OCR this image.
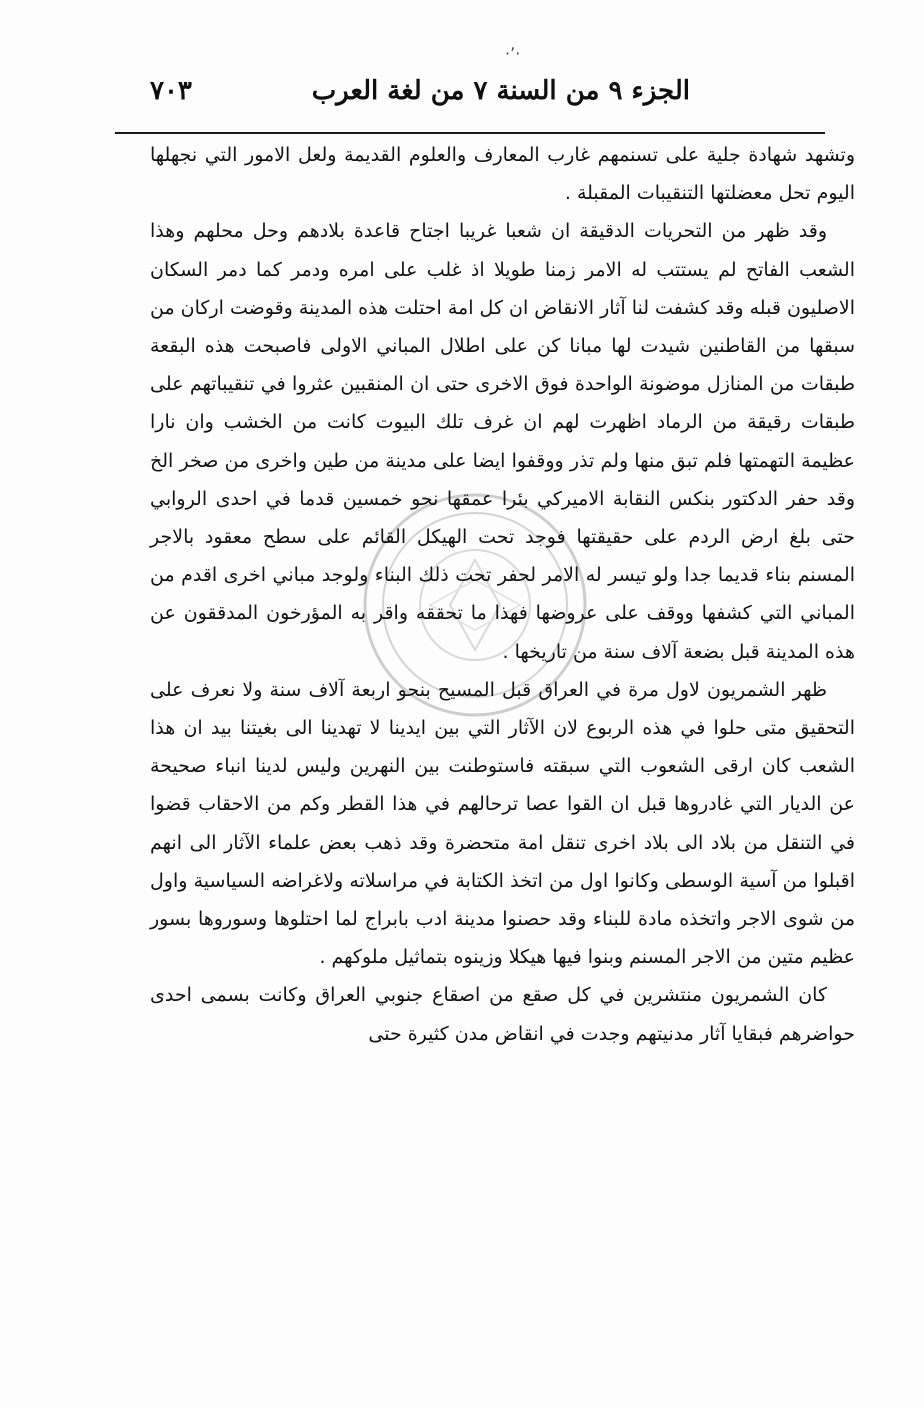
·٬·
الجزء ٩ من السنة ٧ من لغة العرب
٧٠٣

وتشهد شهادة جلية على تسنمهم غارب المعارف والعلوم القديمة ولعل الامور التي نجهلها اليوم تحل معضلتها التنقيبات المقبلة .

وقد ظهر من التحريات الدقيقة ان شعبا غريبا اجتاح قاعدة بلادهم وحل محلهم وهذا الشعب الفاتح لم يستتب له الامر زمنا طويلا اذ غلب على امره ودمر كما دمر السكان الاصليون قبله وقد كشفت لنا آثار الانقاض ان كل امة احتلت هذه المدينة وقوضت اركان من سبقها من القاطنين شيدت لها مبانا كن على اطلال المباني الاولى فاصبحت هذه البقعة طبقات من المنازل موضونة الواحدة فوق الاخرى حتى ان المنقبين عثروا في تنقيباتهم على طبقات رقيقة من الرماد اظهرت لهم ان غرف تلك البيوت كانت من الخشب وان نارا عظيمة التهمتها فلم تبق منها ولم تذر ووقفوا ايضا على مدينة من طين واخرى من صخر الخ وقد حفر الدكتور بنكس النقابة الاميركي بئرا عمقها نحو خمسين قدما في احدى الروابي حتى بلغ ارض الردم على حقيقتها فوجد تحت الهيكل القائم على سطح معقود بالاجر المسنم بناء قديما جدا ولو تيسر له الامر لحفر تحت ذلك البناء ولوجد مباني اخرى اقدم من المباني التي كشفها ووقف على عروضها فهذا ما تحققه واقر به المؤرخون المدققون عن هذه المدينة قبل بضعة آلاف سنة من تاريخها .

ظهر الشمريون لاول مرة في العراق قبل المسيح بنحو اربعة آلاف سنة ولا نعرف على التحقيق متى حلوا في هذه الربوع لان الآثار التي بين ايدينا لا تهدينا الى بغيتنا بيد ان هذا الشعب كان ارقى الشعوب التي سبقته فاستوطنت بين النهرين وليس لدينا انباء صحيحة عن الديار التي غادروها قبل ان القوا عصا ترحالهم في هذا القطر وكم من الاحقاب قضوا في التنقل من بلاد الى بلاد اخرى تنقل امة متحضرة وقد ذهب بعض علماء الآثار الى انهم اقبلوا من آسية الوسطى وكانوا اول من اتخذ الكتابة في مراسلاته ولاغراضه السياسية واول من شوى الاجر واتخذه مادة للبناء وقد حصنوا مدينة ادب بابراج لما احتلوها وسوروها بسور عظيم متين من الاجر المسنم وبنوا فيها هيكلا وزينوه بتماثيل ملوكهم .

كان الشمريون منتشرين في كل صقع من اصقاع جنوبي العراق وكانت بسمى احدى حواضرهم فبقايا آثار مدنيتهم وجدت في انقاض مدن كثيرة حتى
